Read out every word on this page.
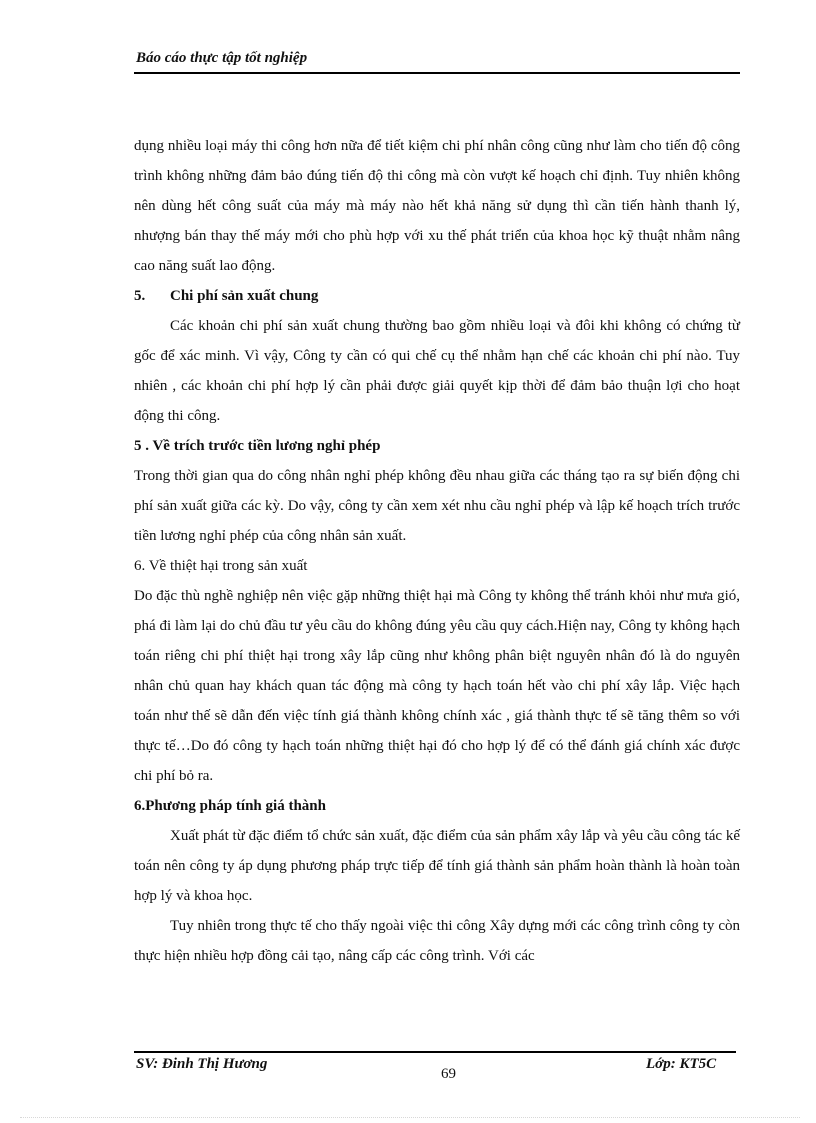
Báo cáo thực tập tốt nghiệp

dụng nhiều loại máy thi công hơn nữa để tiết kiệm chi phí nhân công cũng như làm cho tiến độ công trình không những đảm bảo đúng tiến độ thi công mà còn vượt kế hoạch chỉ định. Tuy nhiên không nên dùng hết công suất của máy mà máy nào hết khả năng sử dụng thì cần tiến hành thanh lý, nhượng bán thay thế máy mới cho phù hợp với xu thế phát triển của khoa học kỹ thuật nhằm nâng cao năng suất lao động.

5. Chi phí sản xuất chung

Các khoản chi phí sản xuất chung thường bao gồm nhiều loại và đôi khi không có chứng từ gốc để xác minh. Vì vậy, Công ty cần có qui chế cụ thể nhằm hạn chế các khoản chi phí nào. Tuy nhiên , các khoản chi phí hợp lý cần phải được giải quyết kịp thời để đảm bảo thuận lợi cho hoạt động thi công.

5 . Về trích trước tiền lương nghỉ phép

Trong thời gian qua do công nhân nghỉ phép không đều nhau giữa các tháng tạo ra sự biến động chi phí sản xuất giữa các kỳ. Do vậy, công ty cần xem xét nhu cầu nghỉ phép và lập kế hoạch trích trước tiền lương nghỉ phép của công nhân sản xuất.

6. Về thiệt hại trong sản xuất

Do đặc thù nghề nghiệp nên việc gặp những thiệt hại mà Công ty không thể tránh khỏi như mưa gió, phá đi làm lại do chủ đầu tư yêu cầu do không đúng yêu cầu quy cách.Hiện nay, Công ty không hạch toán riêng chi phí thiệt hại trong xây lắp cũng như không phân biệt nguyên nhân đó là do nguyên nhân chủ quan hay khách quan tác động mà công ty hạch toán hết vào chi phí xây lắp. Việc hạch toán như thế sẽ dẫn đến việc tính giá thành không chính xác , giá thành thực tế sẽ tăng thêm so với thực tế…Do đó công ty hạch toán những thiệt hại đó cho hợp lý để có thể đánh giá chính xác được chi phí bỏ ra.

6.Phương pháp tính giá thành

Xuất phát từ đặc điểm tổ chức sản xuất, đặc điểm của sản phẩm xây lắp và yêu cầu công tác kế toán nên công ty áp dụng phương pháp trực tiếp để tính giá thành sản phẩm hoàn thành là hoàn toàn hợp lý và khoa học.

Tuy nhiên trong thực tế cho thấy ngoài việc thi công Xây dựng mới các công trình công ty còn thực hiện nhiều hợp đồng cải tạo, nâng cấp các công trình. Với các

SV: Đinh Thị Hương
69
Lớp: KT5C
